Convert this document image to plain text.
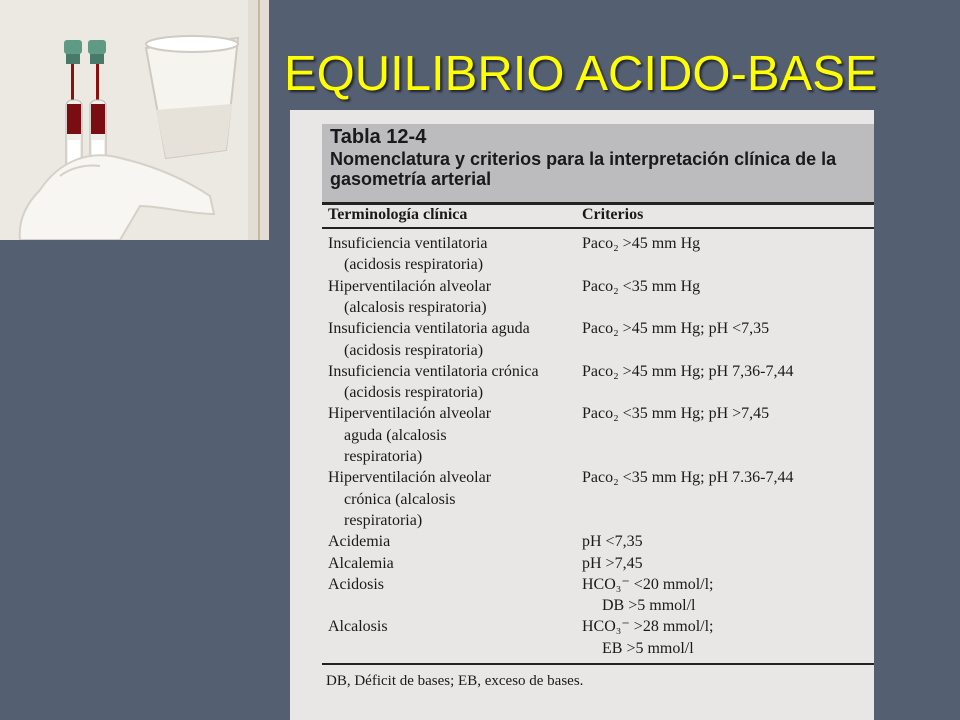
EQUILIBRIO ACIDO-BASE
Tabla 12-4
Nomenclatura y criterios para la interpretación clínica de la gasometría arterial
Terminología clínica	Criterios
Insuficiencia ventilatoria	Paco₂ >45 mm Hg
(acidosis respiratoria)
Hiperventilación alveolar	Paco₂ <35 mm Hg
(alcalosis respiratoria)
Insuficiencia ventilatoria aguda	Paco₂ >45 mm Hg; pH <7,35
(acidosis respiratoria)
Insuficiencia ventilatoria crónica	Paco₂ >45 mm Hg; pH 7,36-7,44
(acidosis respiratoria)
Hiperventilación alveolar	Paco₂ <35 mm Hg; pH >7,45
aguda (alcalosis
respiratoria)
Hiperventilación alveolar	Paco₂ <35 mm Hg; pH 7.36-7,44
crónica (alcalosis
respiratoria)
Acidemia	pH <7,35
Alcalemia	pH >7,45
Acidosis	HCO₃⁻ <20 mmol/l;
DB >5 mmol/l
Alcalosis	HCO₃⁻ >28 mmol/l;
EB >5 mmol/l
DB, Déficit de bases; EB, exceso de bases.
